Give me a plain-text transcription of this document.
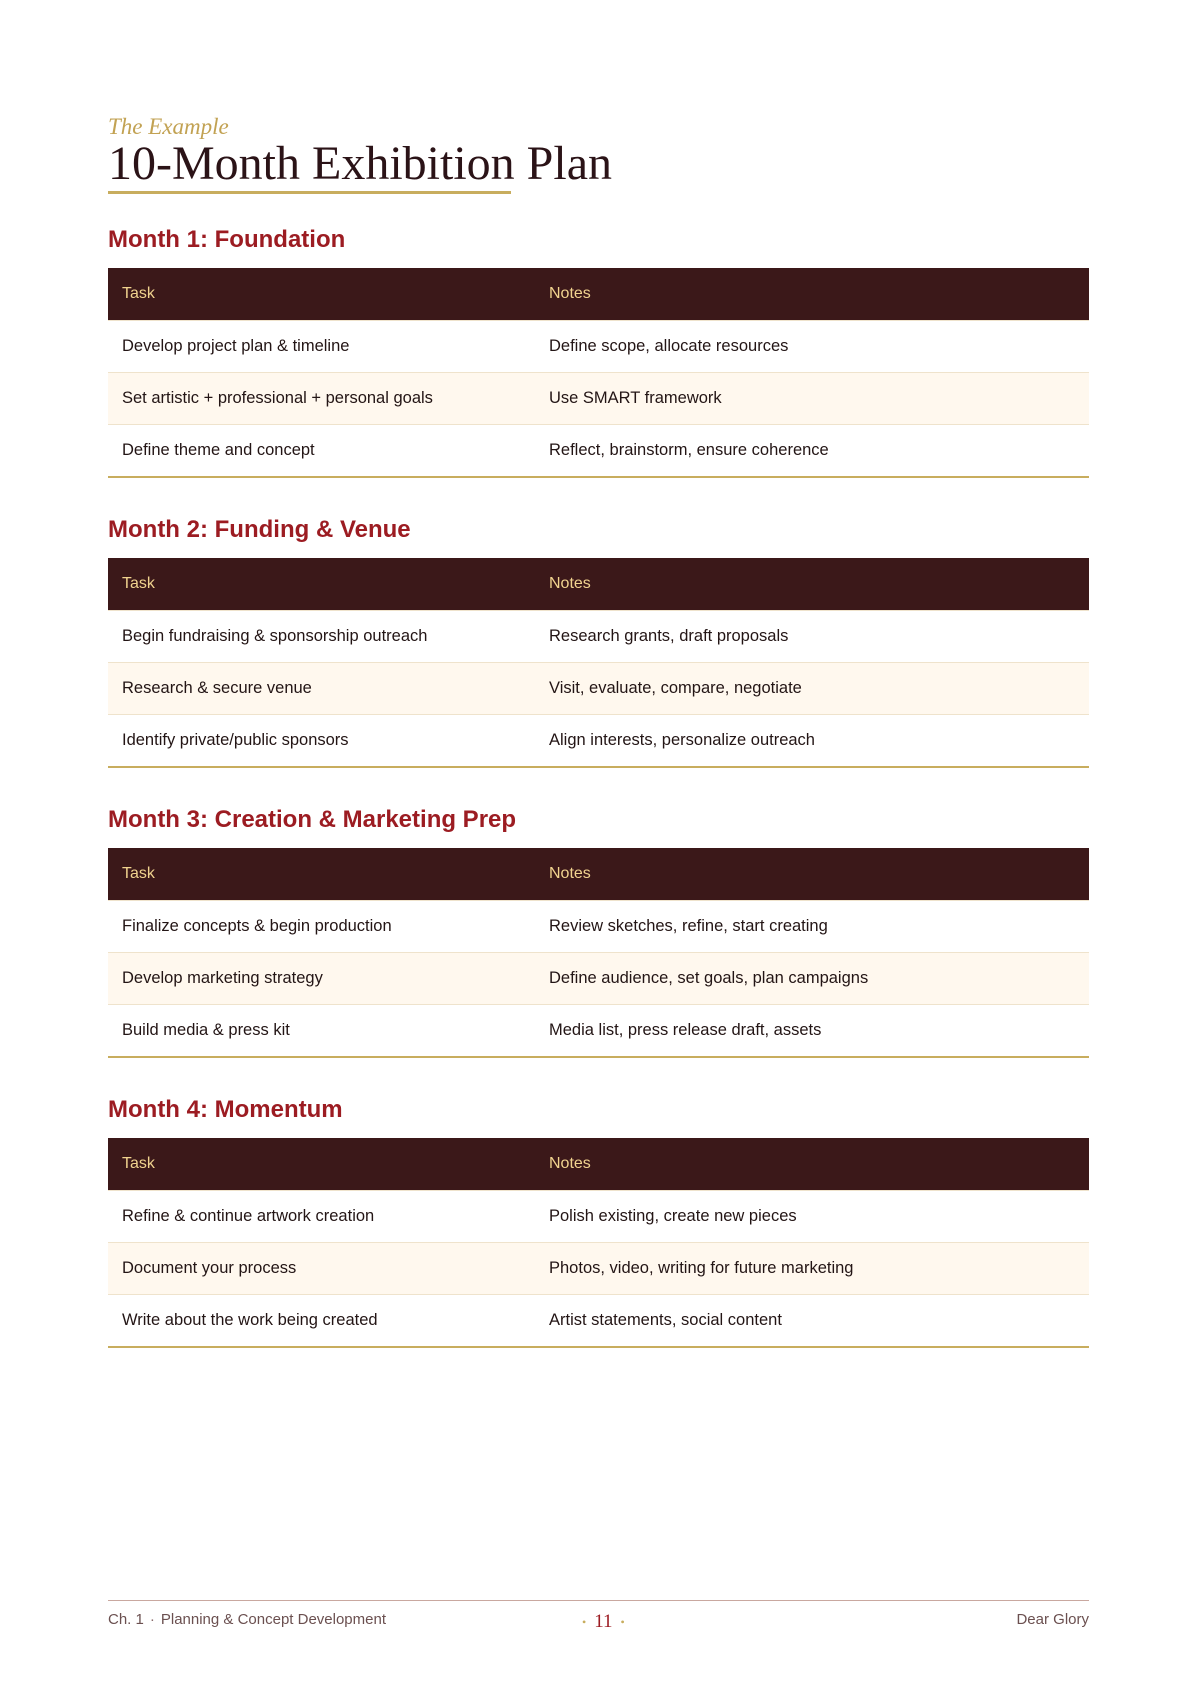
The Example
10-Month Exhibition Plan
Month 1: Foundation
Task	Notes
Develop project plan & timeline	Define scope, allocate resources
Set artistic + professional + personal goals	Use SMART framework
Define theme and concept	Reflect, brainstorm, ensure coherence
Month 2: Funding & Venue
Task	Notes
Begin fundraising & sponsorship outreach	Research grants, draft proposals
Research & secure venue	Visit, evaluate, compare, negotiate
Identify private/public sponsors	Align interests, personalize outreach
Month 3: Creation & Marketing Prep
Task	Notes
Finalize concepts & begin production	Review sketches, refine, start creating
Develop marketing strategy	Define audience, set goals, plan campaigns
Build media & press kit	Media list, press release draft, assets
Month 4: Momentum
Task	Notes
Refine & continue artwork creation	Polish existing, create new pieces
Document your process	Photos, video, writing for future marketing
Write about the work being created	Artist statements, social content
Ch. 1 · Planning & Concept Development	• 11 •	Dear Glory
